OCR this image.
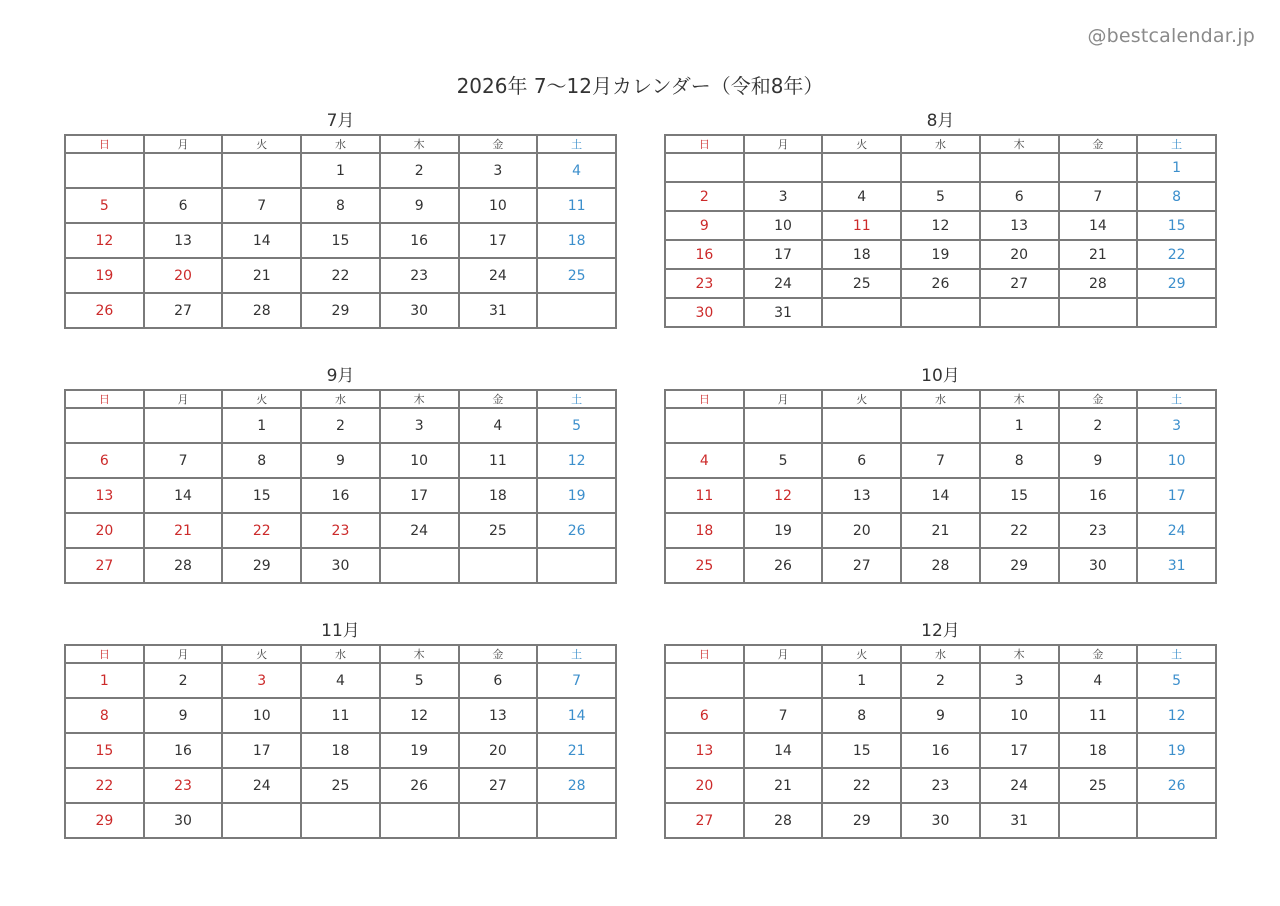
@bestcalendar.jp
2026年 7〜12月カレンダー（令和8年）
7月
日	月	火	水	木	金	土
			1	2	3	4
5	6	7	8	9	10	11
12	13	14	15	16	17	18
19	20	21	22	23	24	25
26	27	28	29	30	31	
8月
日	月	火	水	木	金	土
						1
2	3	4	5	6	7	8
9	10	11	12	13	14	15
16	17	18	19	20	21	22
23	24	25	26	27	28	29
30	31					
9月
日	月	火	水	木	金	土
		1	2	3	4	5
6	7	8	9	10	11	12
13	14	15	16	17	18	19
20	21	22	23	24	25	26
27	28	29	30			
10月
日	月	火	水	木	金	土
				1	2	3
4	5	6	7	8	9	10
11	12	13	14	15	16	17
18	19	20	21	22	23	24
25	26	27	28	29	30	31
11月
日	月	火	水	木	金	土
1	2	3	4	5	6	7
8	9	10	11	12	13	14
15	16	17	18	19	20	21
22	23	24	25	26	27	28
29	30					
12月
日	月	火	水	木	金	土
		1	2	3	4	5
6	7	8	9	10	11	12
13	14	15	16	17	18	19
20	21	22	23	24	25	26
27	28	29	30	31		
